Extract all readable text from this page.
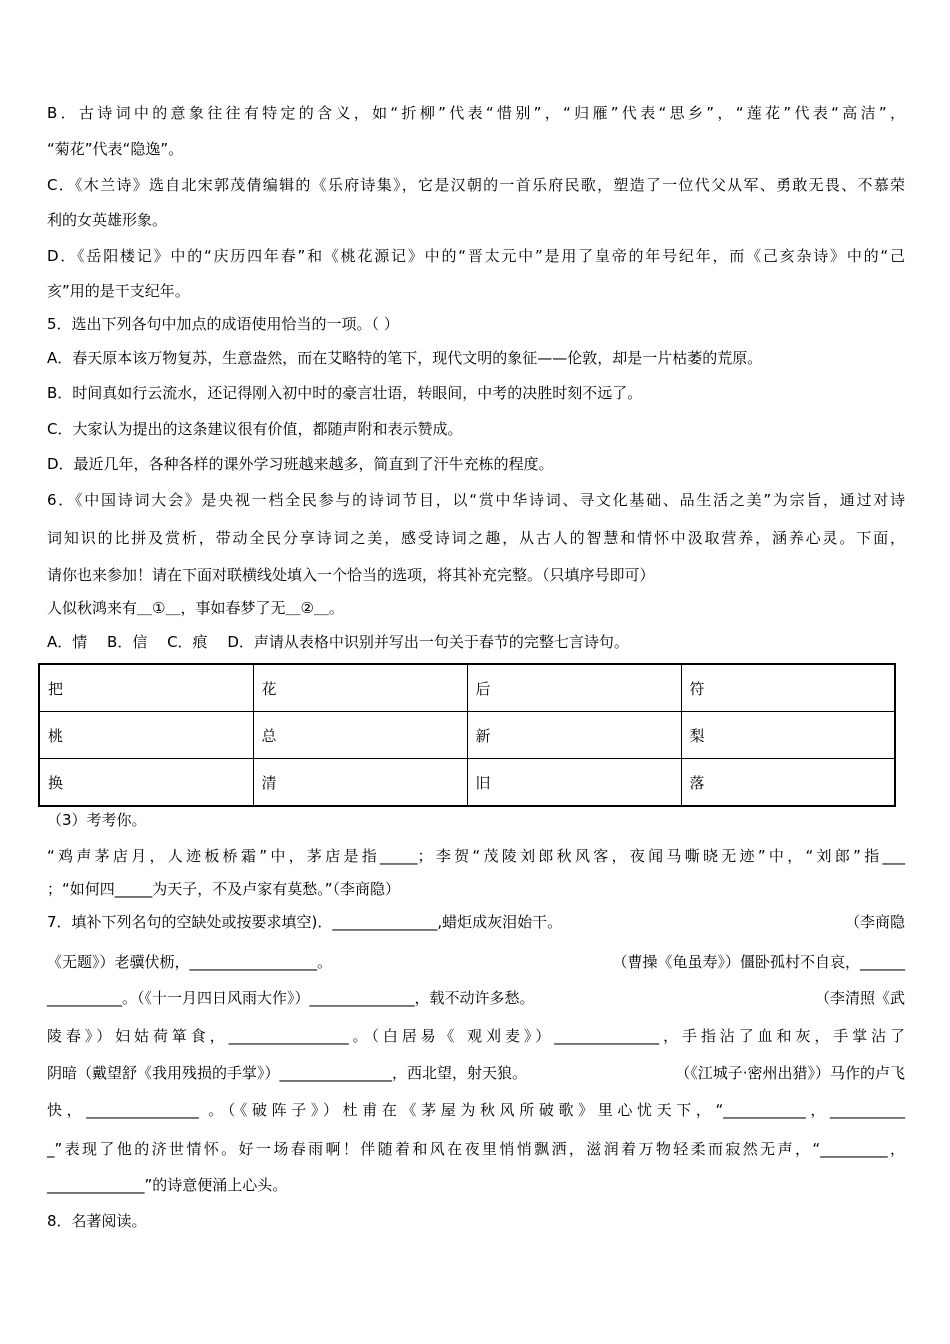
B．古诗词中的意象往往有特定的含义，如“折柳”代表“惜别”，“归雁”代表“思乡”，“莲花”代表“高洁”，
“菊花”代表“隐逸”。
C．《木兰诗》选自北宋郭茂倩编辑的《乐府诗集》，它是汉朝的一首乐府民歌，塑造了一位代父从军、勇敢无畏、不慕荣
利的女英雄形象。
D．《岳阳楼记》中的“庆历四年春”和《桃花源记》中的“晋太元中”是用了皇帝的年号纪年，而《己亥杂诗》中的“己
亥”用的是干支纪年。
5．选出下列各句中加点的成语使用恰当的一项。（ ）
A．春天原本该万物复苏，生意盎然，而在艾略特的笔下，现代文明的象征——伦敦，却是一片枯萎的荒原。
B．时间真如行云流水，还记得刚入初中时的豪言壮语，转眼间，中考的决胜时刻不远了。
C．大家认为提出的这条建议很有价值，都随声附和表示赞成。
D．最近几年，各种各样的课外学习班越来越多，简直到了汗牛充栋的程度。
6．《中国诗词大会》是央视一档全民参与的诗词节目，以“赏中华诗词、寻文化基础、品生活之美”为宗旨，通过对诗
词知识的比拼及赏析，带动全民分享诗词之美，感受诗词之趣，从古人的智慧和情怀中汲取营养，涵养心灵。下面，
请你也来参加！请在下面对联横线处填入一个恰当的选项，将其补充完整。（只填序号即可）
人似秋鸿来有＿①＿，事如春梦了无＿②＿。
A．情　 B．信　 C．痕　 D．声请从表格中识别并写出一句关于春节的完整七言诗句。
把	花	后	符
桃	总	新	梨
换	清	旧	落
（3）考考你。
“鸡声茅店月，人迹板桥霜”中，茅店是指_____；李贺“茂陵刘郎秋风客，夜闻马嘶晓无迹”中，“刘郎”指___
；“如何四_____为天子，不及卢家有莫愁。”（李商隐）
7．填补下列名句的空缺处或按要求填空)．______________,蜡炬成灰泪始干。	（李商隐
《无题》）老骥伏枥，_________________。	（曹操《龟虽寿》）僵卧孤村不自哀，______
__________。（《十一月四日风雨大作》）______________，载不动许多愁。	（李清照《武
陵春》）妇姑荷箪食，________________。（白居易《 观刈麦》）______________，手指沾了血和灰，手掌沾了
阴暗（戴望舒《我用残损的手掌》）_______________，西北望，射天狼。	（《江城子·密州出猎》）马作的卢飞
快，_______________ 。（《破阵子》）杜甫在《茅屋为秋风所破歌》里心忧天下，“___________，__________
_”表现了他的济世情怀。好一场春雨啊！伴随着和风在夜里悄悄飘洒，滋润着万物轻柔而寂然无声，“_________，
_____________”的诗意便涌上心头。
8．名著阅读。
